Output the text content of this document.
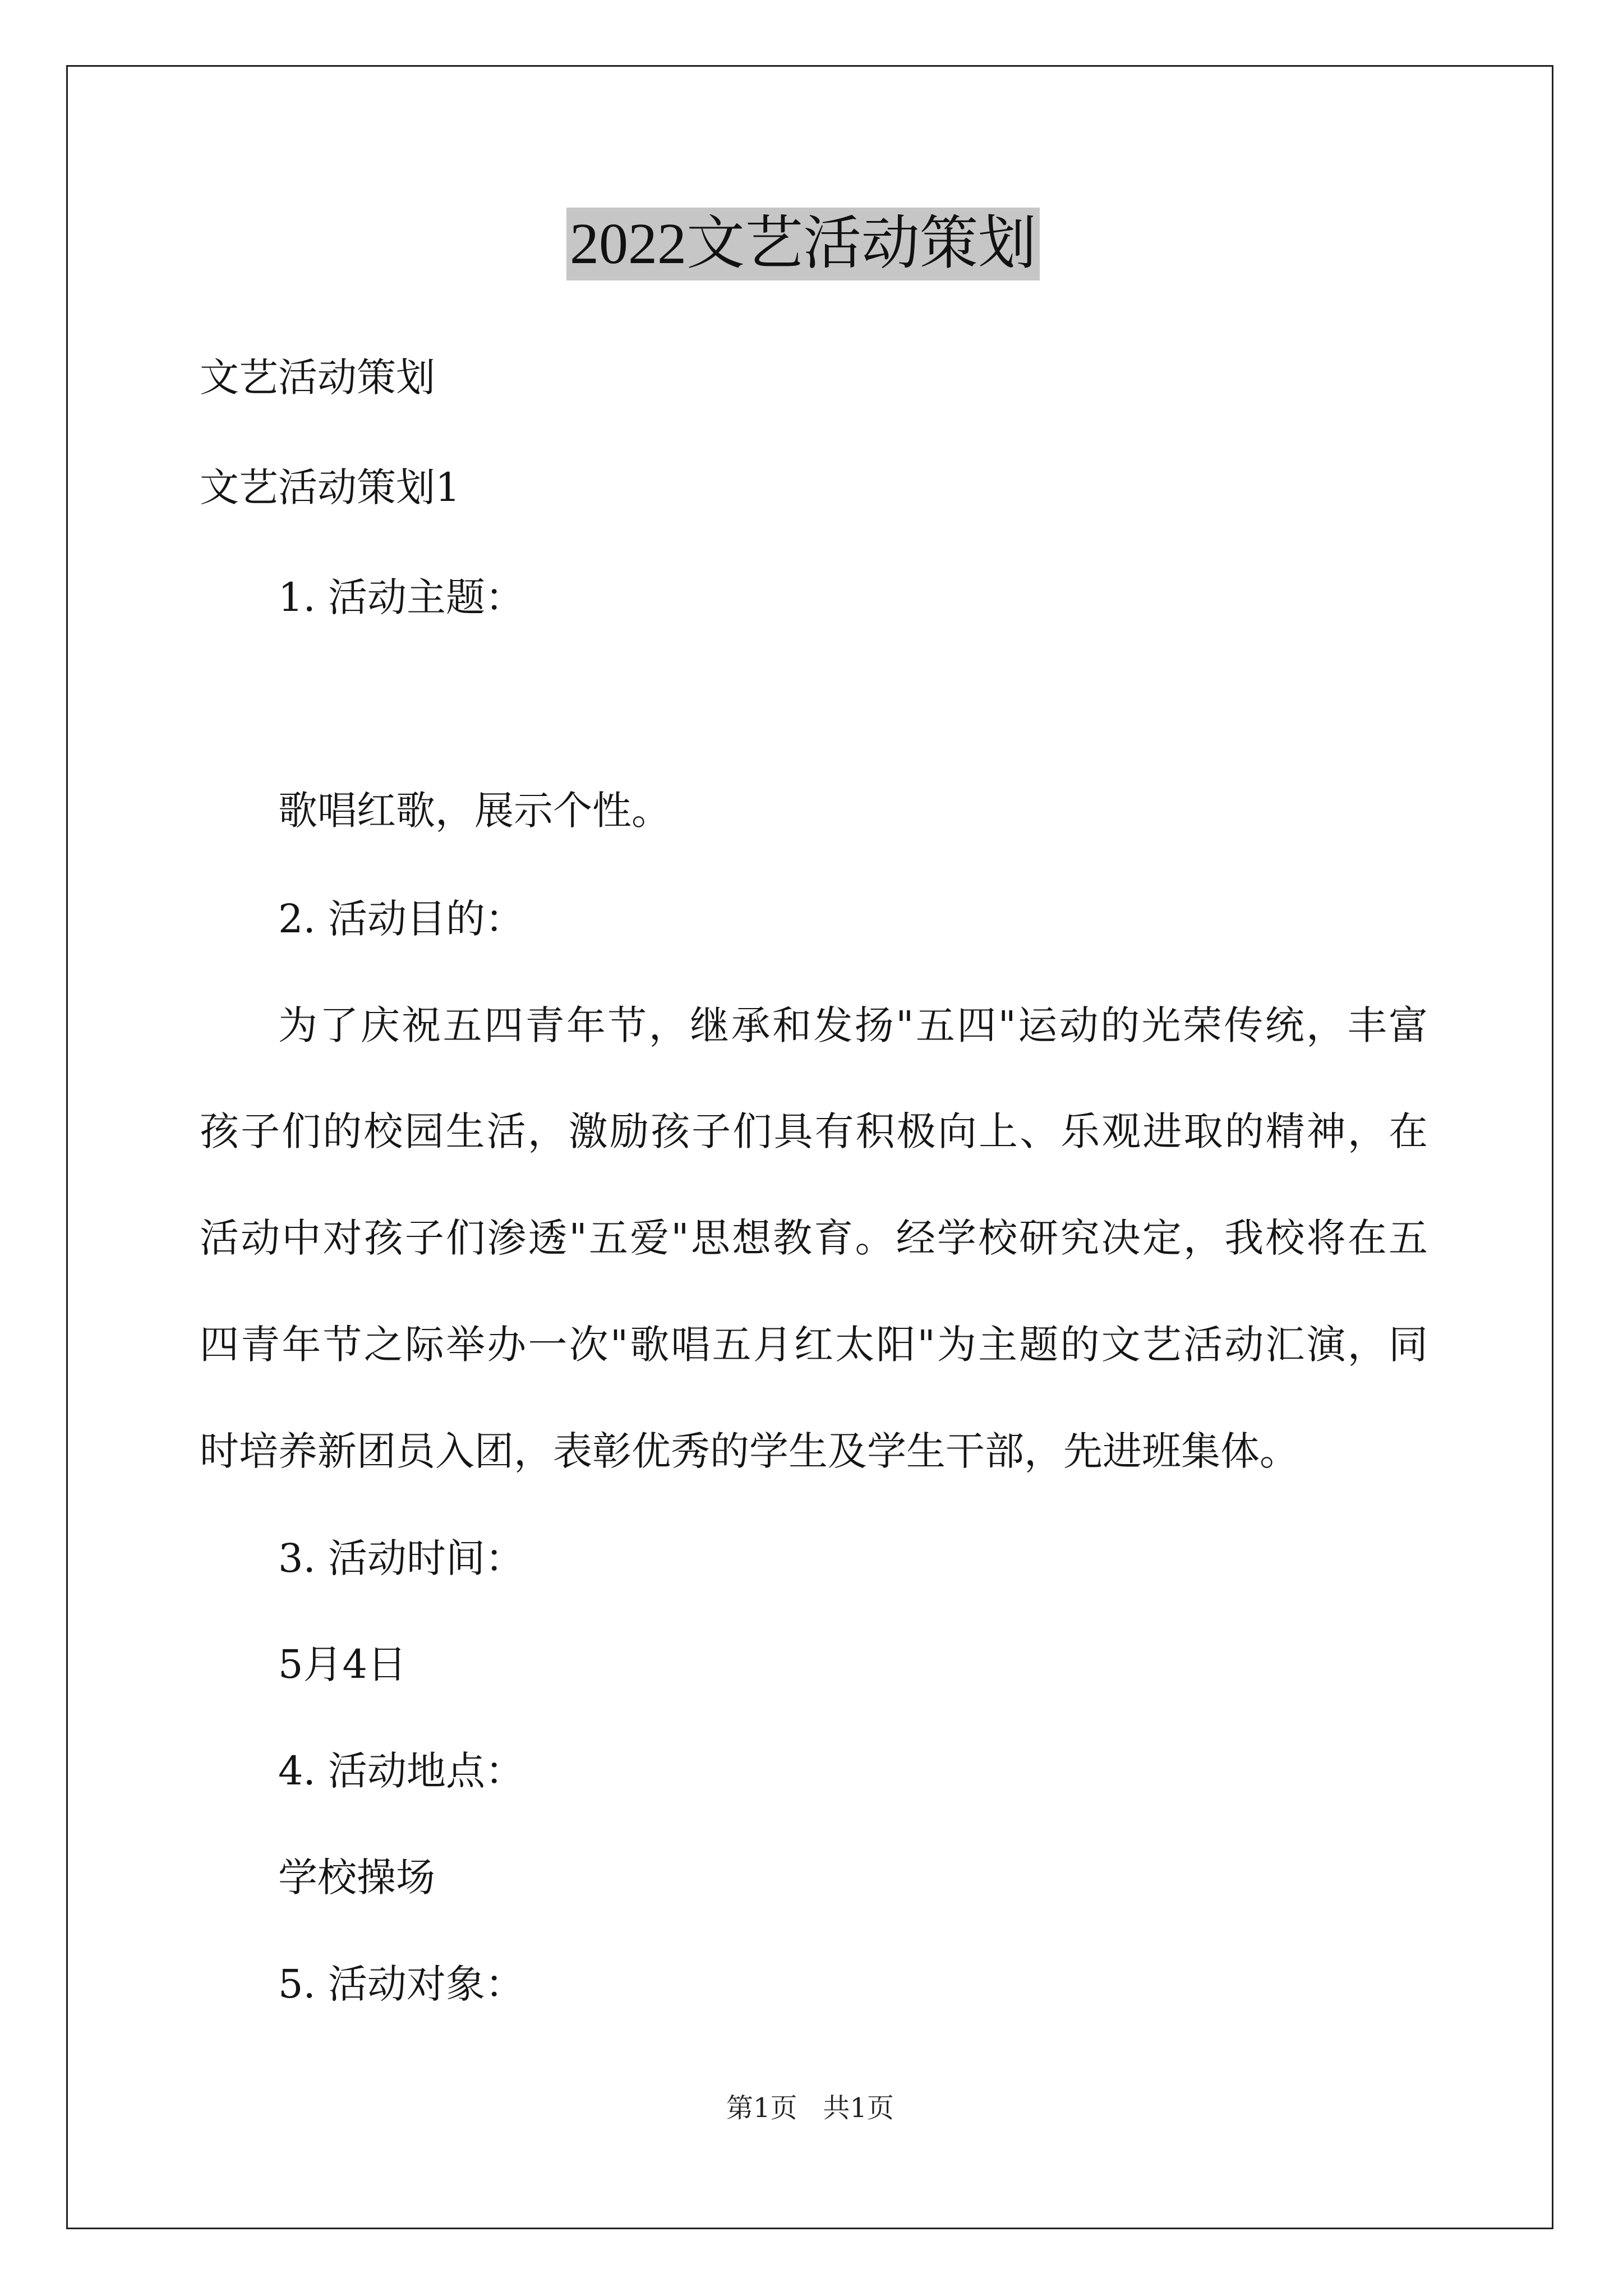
2022文艺活动策划
文艺活动策划
文艺活动策划1
1. 活动主题：
歌唱红歌，展示个性。
2. 活动目的：
为了庆祝五四青年节，继承和发扬"五四"运动的光荣传统，丰富
孩子们的校园生活，激励孩子们具有积极向上、乐观进取的精神，在
活动中对孩子们渗透"五爱"思想教育。经学校研究决定，我校将在五
四青年节之际举办一次"歌唱五月红太阳"为主题的文艺活动汇演，同
时培养新团员入团，表彰优秀的学生及学生干部，先进班集体。
3. 活动时间：
5月4日
4. 活动地点：
学校操场
5. 活动对象：
第1页   共1页
